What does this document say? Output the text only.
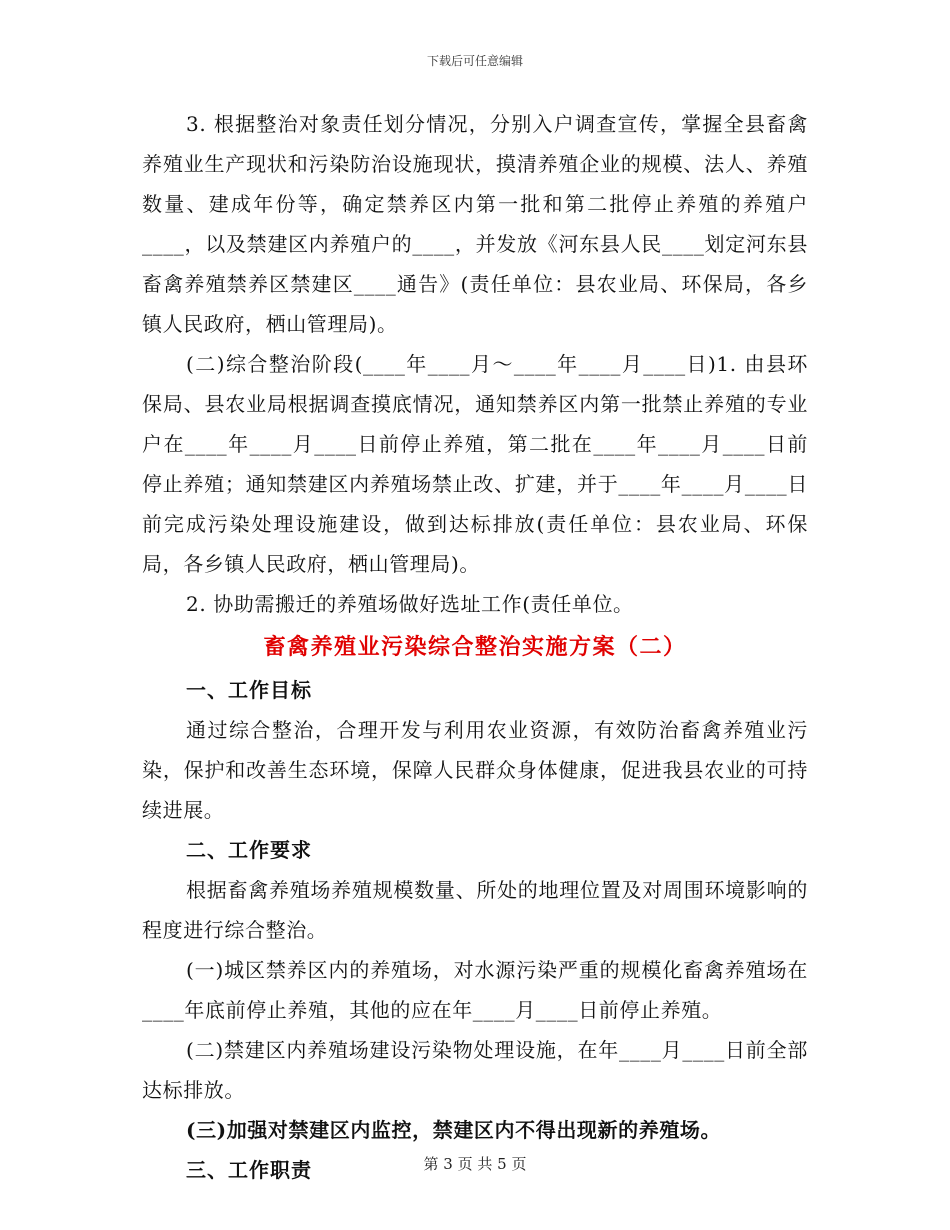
下载后可任意编辑

3. 根据整治对象责任划分情况，分别入户调查宣传，掌握全县畜禽养殖业生产现状和污染防治设施现状，摸清养殖企业的规模、法人、养殖数量、建成年份等，确定禁养区内第一批和第二批停止养殖的养殖户____，以及禁建区内养殖户的____，并发放《河东县人民____划定河东县畜禽养殖禁养区禁建区____通告》(责任单位：县农业局、环保局，各乡镇人民政府，栖山管理局)。

(二)综合整治阶段(____年____月～____年____月____日)1. 由县环保局、县农业局根据调查摸底情况，通知禁养区内第一批禁止养殖的专业户在____年____月____日前停止养殖，第二批在____年____月____日前停止养殖；通知禁建区内养殖场禁止改、扩建，并于____年____月____日前完成污染处理设施建设，做到达标排放(责任单位：县农业局、环保局，各乡镇人民政府，栖山管理局)。

2. 协助需搬迁的养殖场做好选址工作(责任单位。

畜禽养殖业污染综合整治实施方案（二）

一、工作目标

通过综合整治，合理开发与利用农业资源，有效防治畜禽养殖业污染，保护和改善生态环境，保障人民群众身体健康，促进我县农业的可持续进展。

二、工作要求

根据畜禽养殖场养殖规模数量、所处的地理位置及对周围环境影响的程度进行综合整治。

(一)城区禁养区内的养殖场，对水源污染严重的规模化畜禽养殖场在____年底前停止养殖，其他的应在年____月____日前停止养殖。

(二)禁建区内养殖场建设污染物处理设施，在年____月____日前全部达标排放。

(三)加强对禁建区内监控，禁建区内不得出现新的养殖场。

三、工作职责	第 3 页 共 5 页
